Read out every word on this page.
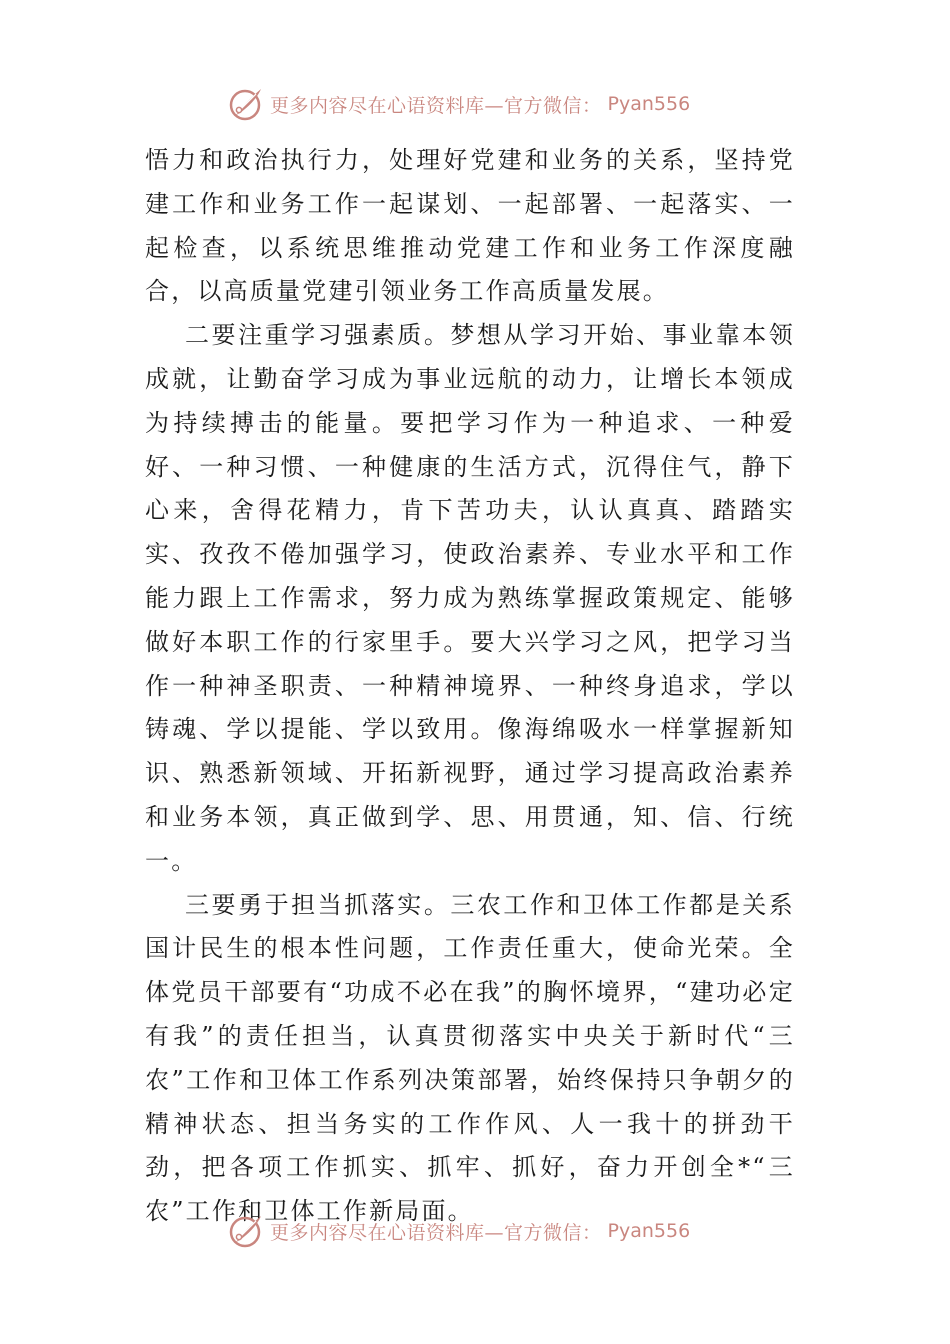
更多内容尽在心语资料库—官方微信： Pyan556

悟力和政治执行力，处理好党建和业务的关系，坚持党建工作和业务工作一起谋划、一起部署、一起落实、一起检查，以系统思维推动党建工作和业务工作深度融合，以高质量党建引领业务工作高质量发展。

二要注重学习强素质。梦想从学习开始、事业靠本领成就，让勤奋学习成为事业远航的动力，让增长本领成为持续搏击的能量。要把学习作为一种追求、一种爱好、一种习惯、一种健康的生活方式，沉得住气，静下心来，舍得花精力，肯下苦功夫，认认真真、踏踏实实、孜孜不倦加强学习，使政治素养、专业水平和工作能力跟上工作需求，努力成为熟练掌握政策规定、能够做好本职工作的行家里手。要大兴学习之风，把学习当作一种神圣职责、一种精神境界、一种终身追求，学以铸魂、学以提能、学以致用。像海绵吸水一样掌握新知识、熟悉新领域、开拓新视野，通过学习提高政治素养和业务本领，真正做到学、思、用贯通，知、信、行统一。

三要勇于担当抓落实。三农工作和卫体工作都是关系国计民生的根本性问题，工作责任重大，使命光荣。全体党员干部要有“功成不必在我”的胸怀境界，“建功必定有我”的责任担当，认真贯彻落实中央关于新时代“三农”工作和卫体工作系列决策部署，始终保持只争朝夕的精神状态、担当务实的工作作风、人一我十的拼劲干劲，把各项工作抓实、抓牢、抓好，奋力开创全*“三农”工作和卫体工作新局面。

更多内容尽在心语资料库—官方微信： Pyan556
